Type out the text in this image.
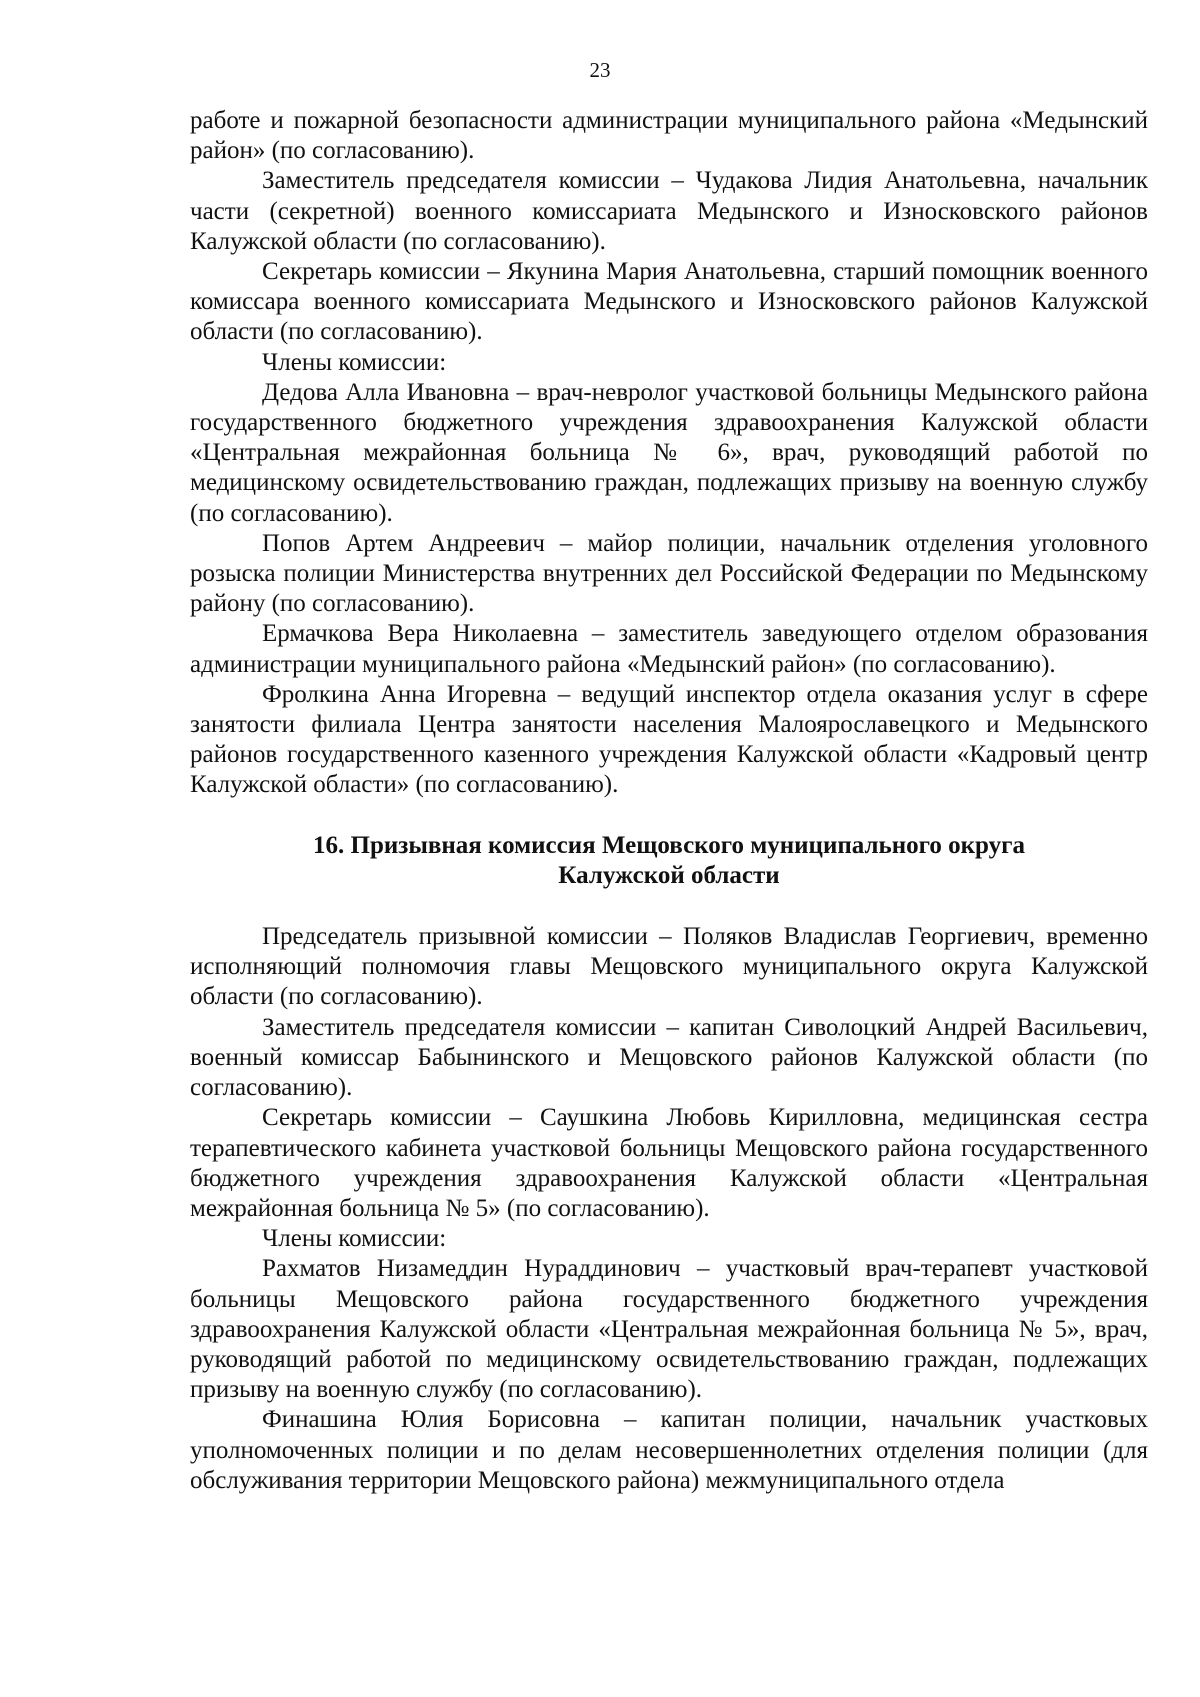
23

работе и пожарной безопасности администрации муниципального района «Медынский район» (по согласованию).

Заместитель председателя комиссии – Чудакова Лидия Анатольевна, начальник части (секретной) военного комиссариата Медынского и Износковского районов Калужской области (по согласованию).

Секретарь комиссии – Якунина Мария Анатольевна, старший помощник военного комиссара военного комиссариата Медынского и Износковского районов Калужской области (по согласованию).

Члены комиссии:

Дедова Алла Ивановна – врач-невролог участковой больницы Медынского района государственного бюджетного учреждения здравоохранения Калужской области «Центральная межрайонная больница № 6», врач, руководящий работой по медицинскому освидетельствованию граждан, подлежащих призыву на военную службу (по согласованию).

Попов Артем Андреевич – майор полиции, начальник отделения уголовного розыска полиции Министерства внутренних дел Российской Федерации по Медынскому району (по согласованию).

Ермачкова Вера Николаевна – заместитель заведующего отделом образования администрации муниципального района «Медынский район» (по согласованию).

Фролкина Анна Игоревна – ведущий инспектор отдела оказания услуг в сфере занятости филиала Центра занятости населения Малоярославецкого и Медынского районов государственного казенного учреждения Калужской области «Кадровый центр Калужской области» (по согласованию).

16. Призывная комиссия Мещовского муниципального округа
Калужской области

Председатель призывной комиссии – Поляков Владислав Георгиевич, временно исполняющий полномочия главы Мещовского муниципального округа Калужской области (по согласованию).

Заместитель председателя комиссии – капитан Сиволоцкий Андрей Васильевич, военный комиссар Бабынинского и Мещовского районов Калужской области (по согласованию).

Секретарь комиссии – Саушкина Любовь Кирилловна, медицинская сестра терапевтического кабинета участковой больницы Мещовского района государственного бюджетного учреждения здравоохранения Калужской области «Центральная межрайонная больница № 5» (по согласованию).

Члены комиссии:

Рахматов Низамеддин Нураддинович – участковый врач-терапевт участковой больницы Мещовского района государственного бюджетного учреждения здравоохранения Калужской области «Центральная межрайонная больница № 5», врач, руководящий работой по медицинскому освидетельствованию граждан, подлежащих призыву на военную службу (по согласованию).

Финашина Юлия Борисовна – капитан полиции, начальник участковых уполномоченных полиции и по делам несовершеннолетних отделения полиции (для обслуживания территории Мещовского района) межмуниципального отдела
